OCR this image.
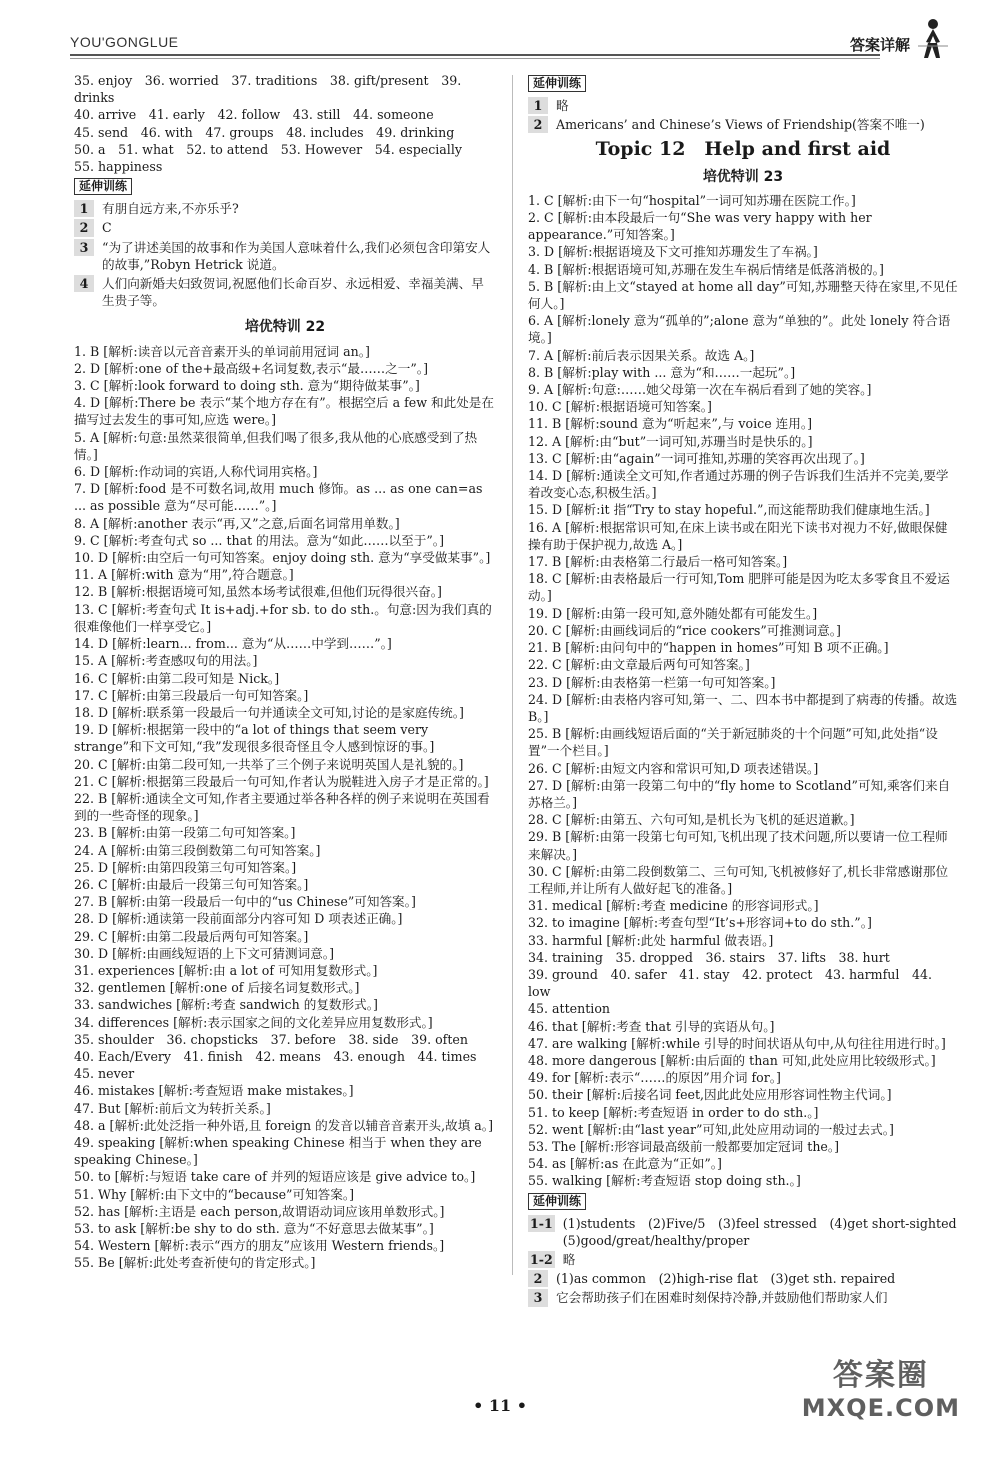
YOU'GONGLUE	答案详解
35. enjoy　36. worried　37. traditions　38. gift/present　39. drinks
40. arrive　41. early　42. follow　43. still　44. someone
45. send　46. with　47. groups　48. includes　49. drinking
50. a　51. what　52. to attend　53. However　54. especially
55. happiness
延伸训练
1	有朋自远方来,不亦乐乎?
2	C
3	“为了讲述美国的故事和作为美国人意味着什么,我们必须包含印第安人的故事,”Robyn Hetrick 说道。
4	人们向新婚夫妇致贺词,祝愿他们长命百岁、永远相爱、幸福美满、早生贵子等。
培优特训 22
1. B [解析:读音以元音音素开头的单词前用冠词 an。]
2. D [解析:one of the+最高级+名词复数,表示“最……之一”。]
3. C [解析:look forward to doing sth. 意为“期待做某事”。]
4. D [解析:There be 表示“某个地方存在有”。根据空后 a few 和此处是在描写过去发生的事可知,应选 were。]
5. A [解析:句意:虽然菜很简单,但我们喝了很多,我从他的心底感受到了热情。]
6. D [解析:作动词的宾语,人称代词用宾格。]
7. D [解析:food 是不可数名词,故用 much 修饰。as ... as one can=as ... as possible 意为“尽可能……”。]
8. A [解析:another 表示“再,又”之意,后面名词常用单数。]
9. C [解析:考查句式 so ... that 的用法。意为“如此……以至于”。]
10. D [解析:由空后一句可知答案。enjoy doing sth. 意为“享受做某事”。]
11. A [解析:with 意为“用”,符合题意。]
12. B [解析:根据语境可知,虽然本场考试很难,但他们玩得很兴奋。]
13. C [解析:考查句式 It is+adj.+for sb. to do sth.。句意:因为我们真的很难像他们一样享受它。]
14. D [解析:learn... from... 意为“从……中学到……”。]
15. A [解析:考查感叹句的用法。]
16. C [解析:由第二段可知是 Nick。]
17. C [解析:由第三段最后一句可知答案。]
18. D [解析:联系第一段最后一句并通读全文可知,讨论的是家庭传统。]
19. D [解析:根据第一段中的“a lot of things that seem very strange”和下文可知,“我”发现很多很奇怪且令人感到惊讶的事。]
20. C [解析:由第二段可知,一共举了三个例子来说明英国人是礼貌的。]
21. C [解析:根据第三段最后一句可知,作者认为脱鞋进入房子才是正常的。]
22. B [解析:通读全文可知,作者主要通过举各种各样的例子来说明在英国看到的一些奇怪的现象。]
23. B [解析:由第一段第二句可知答案。]
24. A [解析:由第三段倒数第二句可知答案。]
25. D [解析:由第四段第三句可知答案。]
26. C [解析:由最后一段第三句可知答案。]
27. B [解析:由第一段最后一句中的“us Chinese”可知答案。]
28. D [解析:通读第一段前面部分内容可知 D 项表述正确。]
29. C [解析:由第二段最后两句可知答案。]
30. D [解析:由画线短语的上下文可猜测词意。]
31. experiences [解析:由 a lot of 可知用复数形式。]
32. gentlemen [解析:one of 后接名词复数形式。]
33. sandwiches [解析:考查 sandwich 的复数形式。]
34. differences [解析:表示国家之间的文化差异应用复数形式。]
35. shoulder　36. chopsticks　37. before　38. side　39. often
40. Each/Every　41. finish　42. means　43. enough　44. times
45. never
46. mistakes [解析:考查短语 make mistakes。]
47. But [解析:前后文为转折关系。]
48. a [解析:此处泛指一种外语,且 foreign 的发音以辅音音素开头,故填 a。]
49. speaking [解析:when speaking Chinese 相当于 when they are speaking Chinese。]
50. to [解析:与短语 take care of 并列的短语应该是 give advice to。]
51. Why [解析:由下文中的“because”可知答案。]
52. has [解析:主语是 each person,故谓语动词应该用单数形式。]
53. to ask [解析:be shy to do sth. 意为“不好意思去做某事”。]
54. Western [解析:表示“西方的朋友”应该用 Western friends。]
55. Be [解析:此处考查祈使句的肯定形式。]
延伸训练
1	略
2	Americans’ and Chinese’s Views of Friendship(答案不唯一)
Topic 12　Help and first aid
培优特训 23
1. C [解析:由下一句“hospital”一词可知苏珊在医院工作。]
2. C [解析:由本段最后一句“She was very happy with her appearance.”可知答案。]
3. D [解析:根据语境及下文可推知苏珊发生了车祸。]
4. B [解析:根据语境可知,苏珊在发生车祸后情绪是低落消极的。]
5. B [解析:由上文“stayed at home all day”可知,苏珊整天待在家里,不见任何人。]
6. A [解析:lonely 意为“孤单的”;alone 意为“单独的”。此处 lonely 符合语境。]
7. A [解析:前后表示因果关系。故选 A。]
8. B [解析:play with ... 意为“和……一起玩”。]
9. A [解析:句意:……她父母第一次在车祸后看到了她的笑容。]
10. C [解析:根据语境可知答案。]
11. B [解析:sound 意为“听起来”,与 voice 连用。]
12. A [解析:由“but”一词可知,苏珊当时是快乐的。]
13. C [解析:由“again”一词可推知,苏珊的笑容再次出现了。]
14. D [解析:通读全文可知,作者通过苏珊的例子告诉我们生活并不完美,要学着改变心态,积极生活。]
15. D [解析:it 指“Try to stay hopeful.”,而这能帮助我们健康地生活。]
16. A [解析:根据常识可知,在床上读书或在阳光下读书对视力不好,做眼保健操有助于保护视力,故选 A。]
17. B [解析:由表格第二行最后一格可知答案。]
18. C [解析:由表格最后一行可知,Tom 肥胖可能是因为吃太多零食且不爱运动。]
19. D [解析:由第一段可知,意外随处都有可能发生。]
20. C [解析:由画线词后的“rice cookers”可推测词意。]
21. B [解析:由问句中的“happen in homes”可知 B 项不正确。]
22. C [解析:由文章最后两句可知答案。]
23. D [解析:由表格第一栏第一句可知答案。]
24. D [解析:由表格内容可知,第一、二、四本书中都提到了病毒的传播。故选 B。]
25. B [解析:由画线短语后面的“关于新冠肺炎的十个问题”可知,此处指“设置”一个栏目。]
26. C [解析:由短文内容和常识可知,D 项表述错误。]
27. D [解析:由第一段第二句中的“fly home to Scotland”可知,乘客们来自苏格兰。]
28. C [解析:由第五、六句可知,是机长为飞机的延迟道歉。]
29. B [解析:由第一段第七句可知,飞机出现了技术问题,所以要请一位工程师来解决。]
30. C [解析:由第二段倒数第二、三句可知,飞机被修好了,机长非常感谢那位工程师,并让所有人做好起飞的准备。]
31. medical [解析:考查 medicine 的形容词形式。]
32. to imagine [解析:考查句型“It’s+形容词+to do sth.”。]
33. harmful [解析:此处 harmful 做表语。]
34. training　35. dropped　36. stairs　37. lifts　38. hurt
39. ground　40. safer　41. stay　42. protect　43. harmful　44. low
45. attention
46. that [解析:考查 that 引导的宾语从句。]
47. are walking [解析:while 引导的时间状语从句中,从句往往用进行时。]
48. more dangerous [解析:由后面的 than 可知,此处应用比较级形式。]
49. for [解析:表示“……的原因”用介词 for。]
50. their [解析:后接名词 feet,因此此处应用形容词性物主代词。]
51. to keep [解析:考查短语 in order to do sth.。]
52. went [解析:由“last year”可知,此处应用动词的一般过去式。]
53. The [解析:形容词最高级前一般都要加定冠词 the。]
54. as [解析:as 在此意为“正如”。]
55. walking [解析:考查短语 stop doing sth.。]
延伸训练
1-1 (1)students　(2)Five/5　(3)feel stressed　(4)get short-sighted　(5)good/great/healthy/proper
1-2 略
2	(1)as common　(2)high-rise flat　(3)get sth. repaired
3	它会帮助孩子们在困难时刻保持冷静,并鼓励他们帮助家人们
• 11 •
答案圈
MXQE.COM
